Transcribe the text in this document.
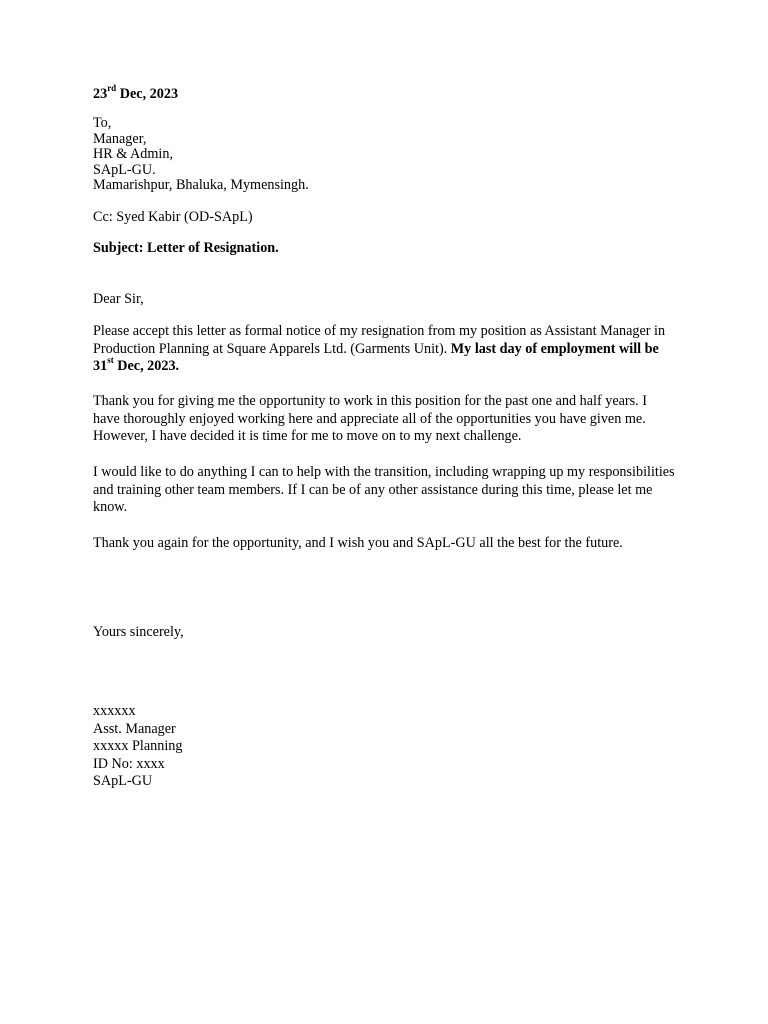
23rd Dec, 2023
To,
Manager,
HR & Admin,
SApL-GU.
Mamarishpur, Bhaluka, Mymensingh.
Cc: Syed Kabir (OD-SApL)
Subject: Letter of Resignation.
Dear Sir,
Please accept this letter as formal notice of my resignation from my position as Assistant Manager in
Production Planning at Square Apparels Ltd. (Garments Unit). My last day of employment will be
31st Dec, 2023.
Thank you for giving me the opportunity to work in this position for the past one and half years. I
have thoroughly enjoyed working here and appreciate all of the opportunities you have given me.
However, I have decided it is time for me to move on to my next challenge.
I would like to do anything I can to help with the transition, including wrapping up my responsibilities
and training other team members. If I can be of any other assistance during this time, please let me
know.
Thank you again for the opportunity, and I wish you and SApL-GU all the best for the future.
Yours sincerely,
xxxxxx
Asst. Manager
xxxxx Planning
ID No: xxxx
SApL-GU
